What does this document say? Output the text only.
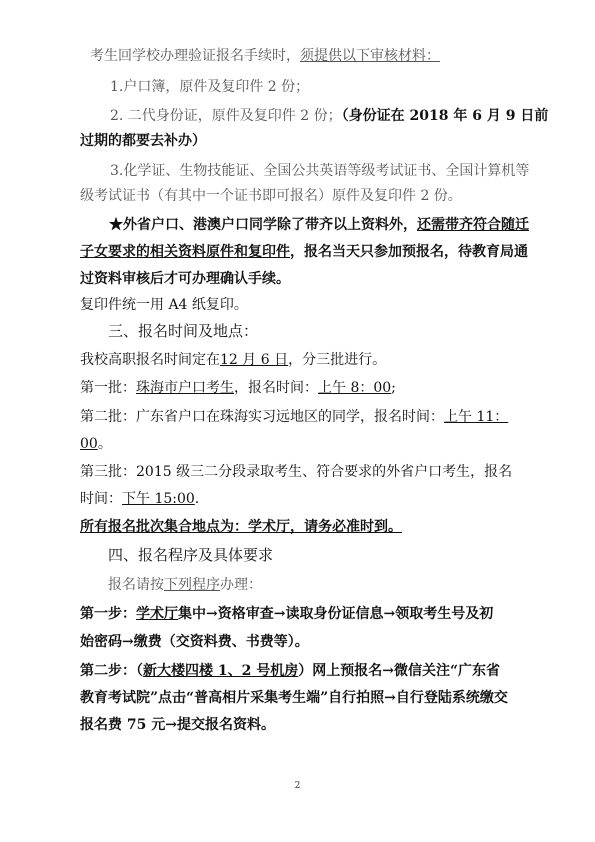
考生回学校办理验证报名手续时，须提供以下审核材料：
1.户口簿，原件及复印件 2 份；
2. 二代身份证，原件及复印件 2 份；（身份证在 2018 年 6 月 9 日前
过期的都要去补办）
3.化学证、生物技能证、全国公共英语等级考试证书、全国计算机等
级考试证书（有其中一个证书即可报名）原件及复印件 2 份。
★外省户口、港澳户口同学除了带齐以上资料外，还需带齐符合随迁
子女要求的相关资料原件和复印件，报名当天只参加预报名，待教育局通
过资料审核后才可办理确认手续。
复印件统一用 A4 纸复印。
三、报名时间及地点：
我校高职报名时间定在12 月 6 日，分三批进行。
第一批：珠海市户口考生，报名时间：上午 8：00;
第二批：广东省户口在珠海实习远地区的同学，报名时间：上午 11：
00。
第三批：2015 级三二分段录取考生、符合要求的外省户口考生，报名
时间：下午 15:00.
所有报名批次集合地点为：学术厅，请务必准时到。
四、报名程序及具体要求
报名请按下列程序办理：
第一步：学术厅集中→资格审查→读取身份证信息→领取考生号及初
始密码→缴费（交资料费、书费等）。
第二步：（新大楼四楼 1、2 号机房）网上预报名→微信关注“广东省
教育考试院”点击“普高相片采集考生端”自行拍照→自行登陆系统缴交
报名费 75 元→提交报名资料。
2
